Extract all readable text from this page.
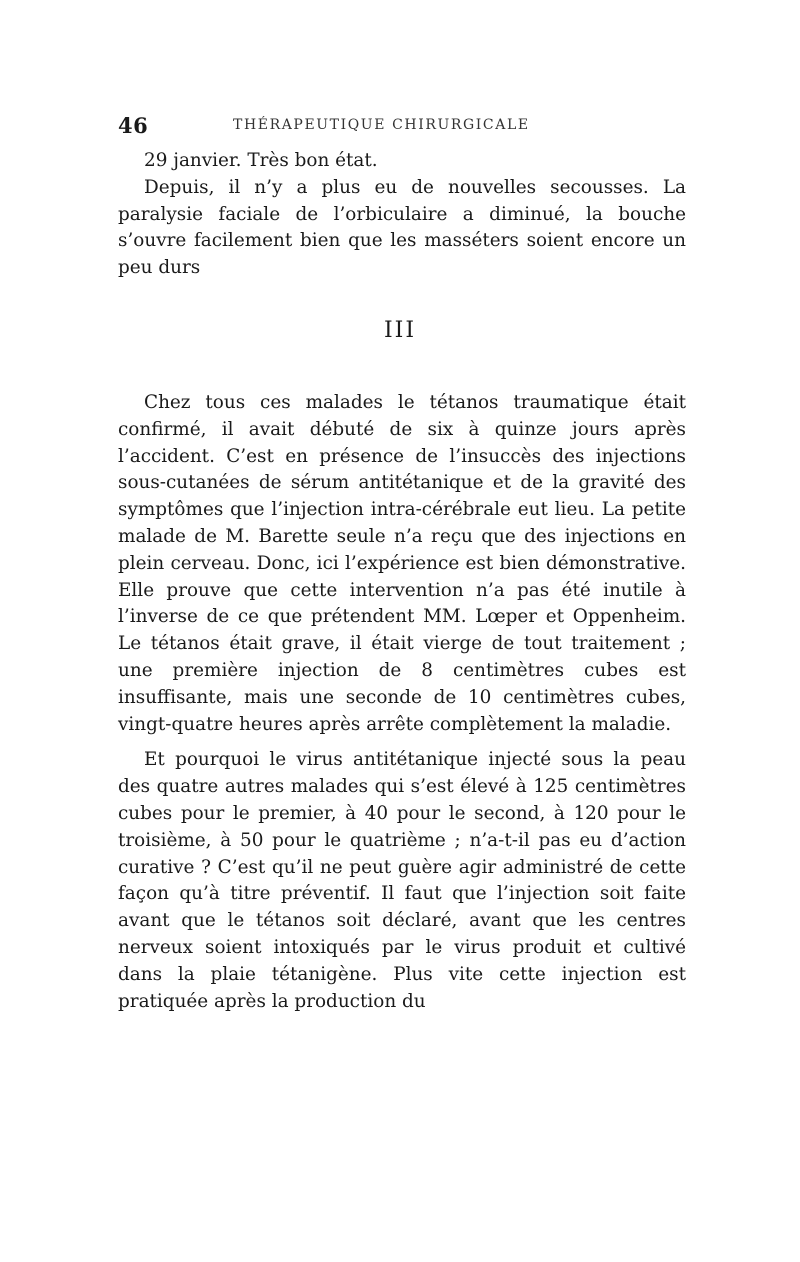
46	THÉRAPEUTIQUE CHIRURGICALE

29 janvier. Très bon état.

Depuis, il n’y a plus eu de nouvelles secousses. La paralysie faciale de l’orbiculaire a diminué, la bouche s’ouvre facilement bien que les masséters soient encore un peu durs

III

Chez tous ces malades le tétanos traumatique était confirmé, il avait débuté de six à quinze jours après l’accident. C’est en présence de l’insuccès des injections sous-cutanées de sérum antitétanique et de la gravité des symptômes que l’injection intra-cérébrale eut lieu. La petite malade de M. Barette seule n’a reçu que des injections en plein cerveau. Donc, ici l’expérience est bien démonstrative. Elle prouve que cette intervention n’a pas été inutile à l’inverse de ce que prétendent MM. Lœper et Oppenheim. Le tétanos était grave, il était vierge de tout traitement ; une première injection de 8 centimètres cubes est insuffisante, mais une seconde de 10 centimètres cubes, vingt-quatre heures après arrête complètement la maladie.

Et pourquoi le virus antitétanique injecté sous la peau des quatre autres malades qui s’est élevé à 125 centimètres cubes pour le premier, à 40 pour le second, à 120 pour le troisième, à 50 pour le quatrième ; n’a-t-il pas eu d’action curative ? C’est qu’il ne peut guère agir administré de cette façon qu’à titre préventif. Il faut que l’injection soit faite avant que le tétanos soit déclaré, avant que les centres nerveux soient intoxiqués par le virus produit et cultivé dans la plaie tétanigène. Plus vite cette injection est pratiquée après la production du
